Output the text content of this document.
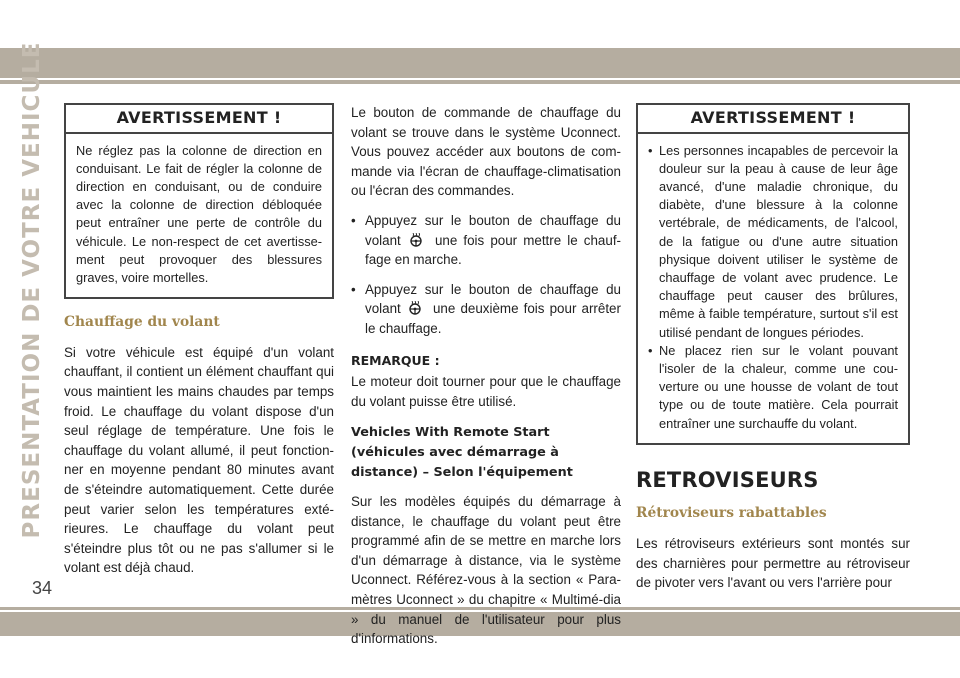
PRESENTATION DE VOTRE VEHICULE
34
AVERTISSEMENT !

Ne réglez pas la colonne de direction en conduisant. Le fait de régler la colonne de direction en conduisant, ou de conduire avec la colonne de direction débloquée peut entraîner une perte de contrôle du véhicule. Le non-respect de cet avertisse-ment peut provoquer des blessures graves, voire mortelles.

Chauffage du volant

Si votre véhicule est équipé d'un volant chauffant, il contient un élément chauffant qui vous maintient les mains chaudes par temps froid. Le chauffage du volant dispose d'un seul réglage de température. Une fois le chauffage du volant allumé, il peut fonction-ner en moyenne pendant 80 minutes avant de s'éteindre automatiquement. Cette durée peut varier selon les températures exté-rieures. Le chauffage du volant peut s'éteindre plus tôt ou ne pas s'allumer si le volant est déjà chaud.

Le bouton de commande de chauffage du volant se trouve dans le système Uconnect. Vous pouvez accéder aux boutons de com-mande via l'écran de chauffage-climatisation ou l'écran des commandes.

• Appuyez sur le bouton de chauffage du volant	une fois pour mettre le chauf-fage en marche.
• Appuyez sur le bouton de chauffage du volant une deuxième fois pour arrêter le chauffage.
REMARQUE :

Le moteur doit tourner pour que le chauffage du volant puisse être utilisé.

Vehicles With Remote Start (véhicules avec démarrage à distance) – Selon l'équipement

Sur les modèles équipés du démarrage à distance, le chauffage du volant peut être programmé afin de se mettre en marche lors d'un démarrage à distance, via le système Uconnect. Référez-vous à la section « Para-mètres Uconnect » du chapitre « Multimé-dia » du manuel de l'utilisateur pour plus d'informations.

AVERTISSEMENT !
• Les personnes incapables de percevoir la douleur sur la peau à cause de leur âge avancé, d'une maladie chronique, du diabète, d'une blessure à la colonne vertébrale, de médicaments, de l'alcool, de la fatigue ou d'une autre situation physique doivent utiliser le système de chauffage de volant avec prudence. Le chauffage peut causer des brûlures, même à faible température, surtout s'il est utilisé pendant de longues périodes.
• Ne placez rien sur le volant pouvant l'isoler de la chaleur, comme une cou-verture ou une housse de volant de tout type ou de toute matière. Cela pourrait entraîner une surchauffe du volant.
RETROVISEURS
Rétroviseurs rabattables

Les rétroviseurs extérieurs sont montés sur des charnières pour permettre au rétroviseur de pivoter vers l'avant ou vers l'arrière pour
